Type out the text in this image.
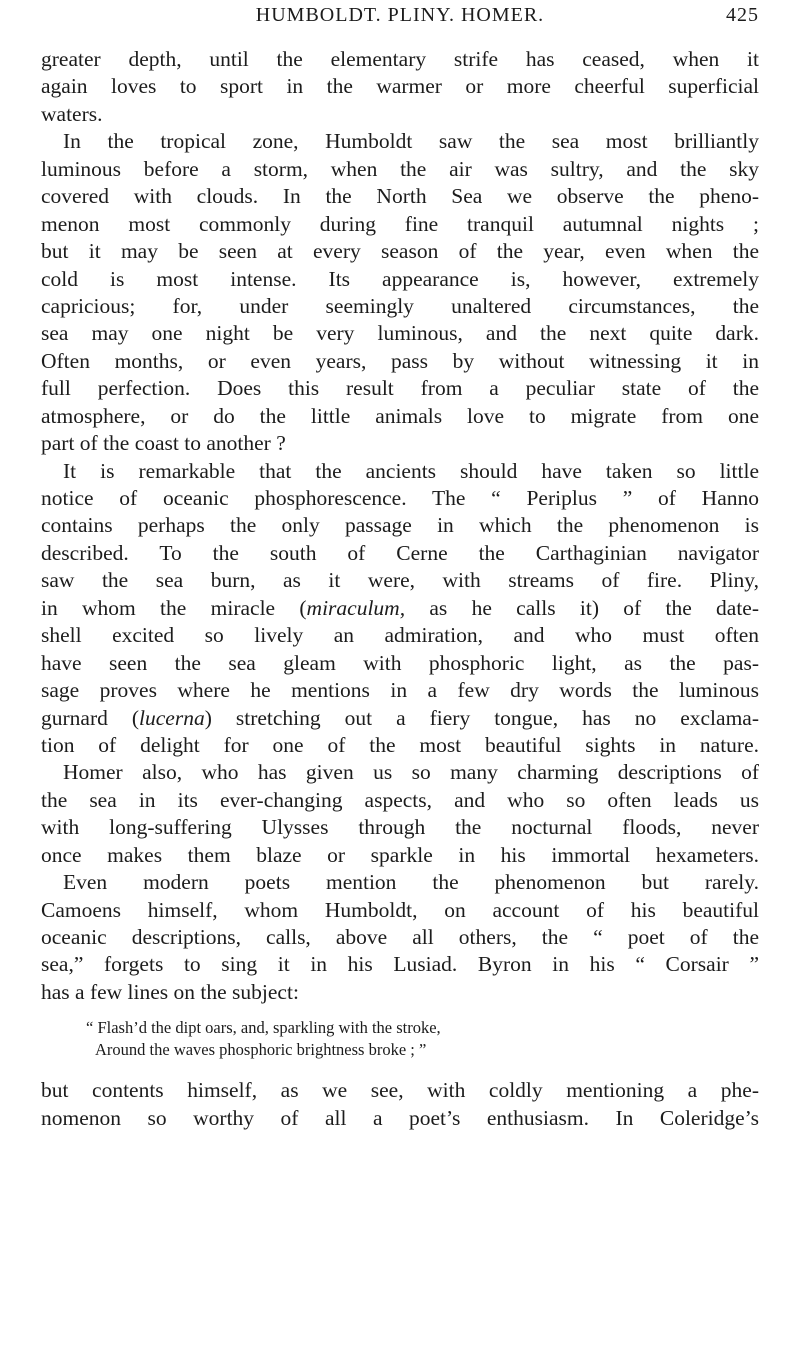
HUMBOLDT. PLINY. HOMER.	425
greater depth, until the elementary strife has ceased, when it
again loves to sport in the warmer or more cheerful superficial
waters.
In the tropical zone, Humboldt saw the sea most brilliantly
luminous before a storm, when the air was sultry, and the sky
covered with clouds. In the North Sea we observe the pheno-
menon most commonly during fine tranquil autumnal nights ;
but it may be seen at every season of the year, even when the
cold is most intense. Its appearance is, however, extremely
capricious; for, under seemingly unaltered circumstances, the
sea may one night be very luminous, and the next quite dark.
Often months, or even years, pass by without witnessing it in
full perfection. Does this result from a peculiar state of the
atmosphere, or do the little animals love to migrate from one
part of the coast to another ?
It is remarkable that the ancients should have taken so little
notice of oceanic phosphorescence. The “ Periplus ” of Hanno
contains perhaps the only passage in which the phenomenon is
described. To the south of Cerne the Carthaginian navigator
saw the sea burn, as it were, with streams of fire. Pliny,
in whom the miracle (miraculum, as he calls it) of the date-
shell excited so lively an admiration, and who must often
have seen the sea gleam with phosphoric light, as the pas-
sage proves where he mentions in a few dry words the luminous
gurnard (lucerna) stretching out a fiery tongue, has no exclama-
tion of delight for one of the most beautiful sights in nature.
Homer also, who has given us so many charming descriptions of
the sea in its ever-changing aspects, and who so often leads us
with long-suffering Ulysses through the nocturnal floods, never
once makes them blaze or sparkle in his immortal hexameters.
Even modern poets mention the phenomenon but rarely.
Camoens himself, whom Humboldt, on account of his beautiful
oceanic descriptions, calls, above all others, the “ poet of the
sea,” forgets to sing it in his Lusiad. Byron in his “ Corsair ”
has a few lines on the subject:
“ Flash’d the dipt oars, and, sparkling with the stroke,
Around the waves phosphoric brightness broke ; ”
but contents himself, as we see, with coldly mentioning a phe-
nomenon so worthy of all a poet’s enthusiasm. In Coleridge’s
